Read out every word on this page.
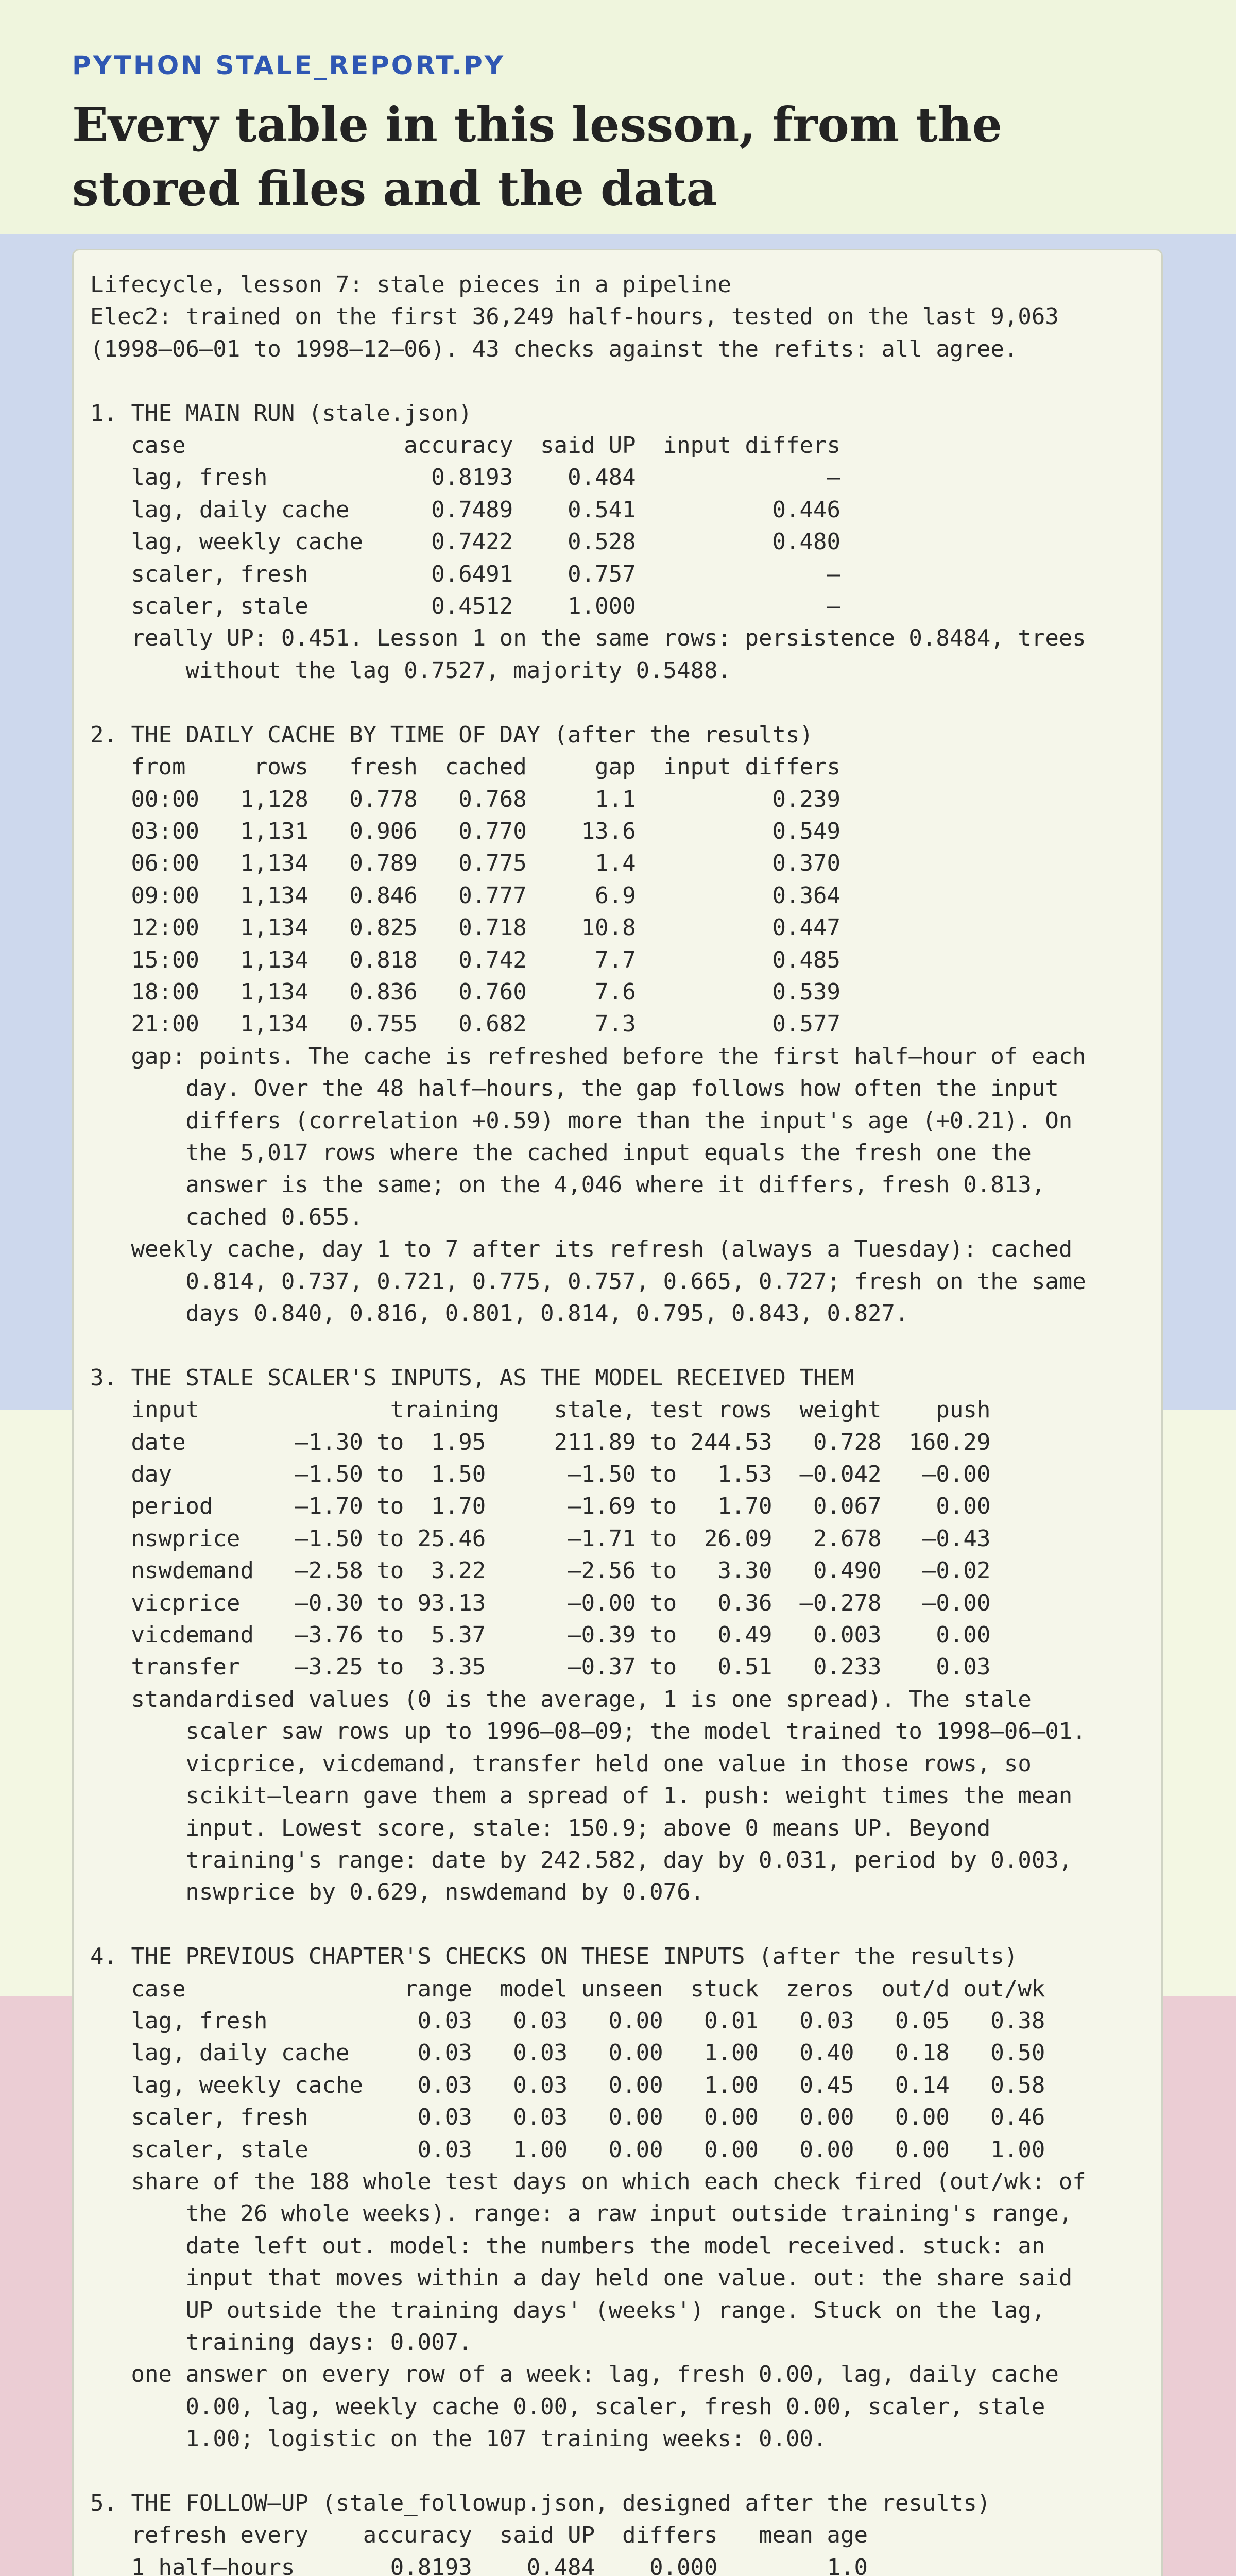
PYTHON STALE_REPORT.PY

Every table in this lesson, from the stored files and the data
Lifecycle, lesson 7: stale pieces in a pipeline
Elec2: trained on the first 36,249 half-hours, tested on the last 9,063
(1998–06–01 to 1998–12–06). 43 checks against the refits: all agree.

1. THE MAIN RUN (stale.json)
case                accuracy  said UP  input differs
lag, fresh            0.8193    0.484              –
lag, daily cache      0.7489    0.541          0.446
lag, weekly cache     0.7422    0.528          0.480
scaler, fresh         0.6491    0.757              –
scaler, stale         0.4512    1.000              –
really UP: 0.451. Lesson 1 on the same rows: persistence 0.8484, trees
without the lag 0.7527, majority 0.5488.

2. THE DAILY CACHE BY TIME OF DAY (after the results)
from     rows   fresh  cached     gap  input differs
00:00   1,128   0.778   0.768     1.1          0.239
03:00   1,131   0.906   0.770    13.6          0.549
06:00   1,134   0.789   0.775     1.4          0.370
09:00   1,134   0.846   0.777     6.9          0.364
12:00   1,134   0.825   0.718    10.8          0.447
15:00   1,134   0.818   0.742     7.7          0.485
18:00   1,134   0.836   0.760     7.6          0.539
21:00   1,134   0.755   0.682     7.3          0.577
gap: points. The cache is refreshed before the first half–hour of each
day. Over the 48 half–hours, the gap follows how often the input
differs (correlation +0.59) more than the input's age (+0.21). On
the 5,017 rows where the cached input equals the fresh one the
answer is the same; on the 4,046 where it differs, fresh 0.813,
cached 0.655.
weekly cache, day 1 to 7 after its refresh (always a Tuesday): cached
0.814, 0.737, 0.721, 0.775, 0.757, 0.665, 0.727; fresh on the same
days 0.840, 0.816, 0.801, 0.814, 0.795, 0.843, 0.827.

3. THE STALE SCALER'S INPUTS, AS THE MODEL RECEIVED THEM
input              training    stale, test rows  weight    push
date        –1.30 to  1.95     211.89 to 244.53   0.728  160.29
day         –1.50 to  1.50      –1.50 to   1.53  –0.042   –0.00
period      –1.70 to  1.70      –1.69 to   1.70   0.067    0.00
nswprice    –1.50 to 25.46      –1.71 to  26.09   2.678   –0.43
nswdemand   –2.58 to  3.22      –2.56 to   3.30   0.490   –0.02
vicprice    –0.30 to 93.13      –0.00 to   0.36  –0.278   –0.00
vicdemand   –3.76 to  5.37      –0.39 to   0.49   0.003    0.00
transfer    –3.25 to  3.35      –0.37 to   0.51   0.233    0.03
standardised values (0 is the average, 1 is one spread). The stale
scaler saw rows up to 1996–08–09; the model trained to 1998–06–01.
vicprice, vicdemand, transfer held one value in those rows, so
scikit–learn gave them a spread of 1. push: weight times the mean
input. Lowest score, stale: 150.9; above 0 means UP. Beyond
training's range: date by 242.582, day by 0.031, period by 0.003,
nswprice by 0.629, nswdemand by 0.076.

4. THE PREVIOUS CHAPTER'S CHECKS ON THESE INPUTS (after the results)
case                range  model unseen  stuck  zeros  out/d out/wk
lag, fresh           0.03   0.03   0.00   0.01   0.03   0.05   0.38
lag, daily cache     0.03   0.03   0.00   1.00   0.40   0.18   0.50
lag, weekly cache    0.03   0.03   0.00   1.00   0.45   0.14   0.58
scaler, fresh        0.03   0.03   0.00   0.00   0.00   0.00   0.46
scaler, stale        0.03   1.00   0.00   0.00   0.00   0.00   1.00
share of the 188 whole test days on which each check fired (out/wk: of
the 26 whole weeks). range: a raw input outside training's range,
date left out. model: the numbers the model received. stuck: an
input that moves within a day held one value. out: the share said
UP outside the training days' (weeks') range. Stuck on the lag,
training days: 0.007.
one answer on every row of a week: lag, fresh 0.00, lag, daily cache
0.00, lag, weekly cache 0.00, scaler, fresh 0.00, scaler, stale
1.00; logistic on the 107 training weeks: 0.00.

5. THE FOLLOW–UP (stale_followup.json, designed after the results)
refresh every    accuracy  said UP  differs   mean age
1 half–hours       0.8193    0.484    0.000        1.0
